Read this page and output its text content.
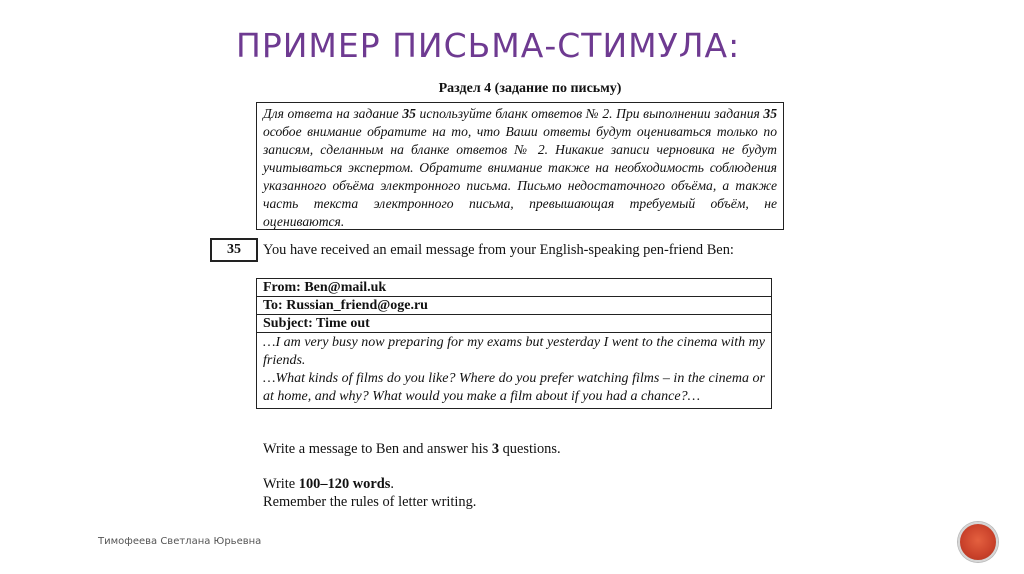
ПРИМЕР ПИСЬМА-СТИМУЛА:
Раздел 4 (задание по письму)
Для ответа на задание 35 используйте бланк ответов № 2. При выполнении задания 35 особое внимание обратите на то, что Ваши ответы будут оцениваться только по записям, сделанным на бланке ответов № 2. Никакие записи черновика не будут учитываться экспертом. Обратите внимание также на необходимость соблюдения указанного объёма электронного письма. Письмо недостаточного объёма, а также часть текста электронного письма, превышающая требуемый объём, не оцениваются.
35	You have received an email message from your English-speaking pen-friend Ben:
From: Ben@mail.uk
To: Russian_friend@oge.ru
Subject: Time out

…I am very busy now preparing for my exams but yesterday I went to the cinema with my friends.
…What kinds of films do you like? Where do you prefer watching films – in the cinema or at home, and why? What would you make a film about if you had a chance?…
Write a message to Ben and answer his 3 questions.
Write 100–120 words.
Remember the rules of letter writing.
Тимофеева Светлана Юрьевна
